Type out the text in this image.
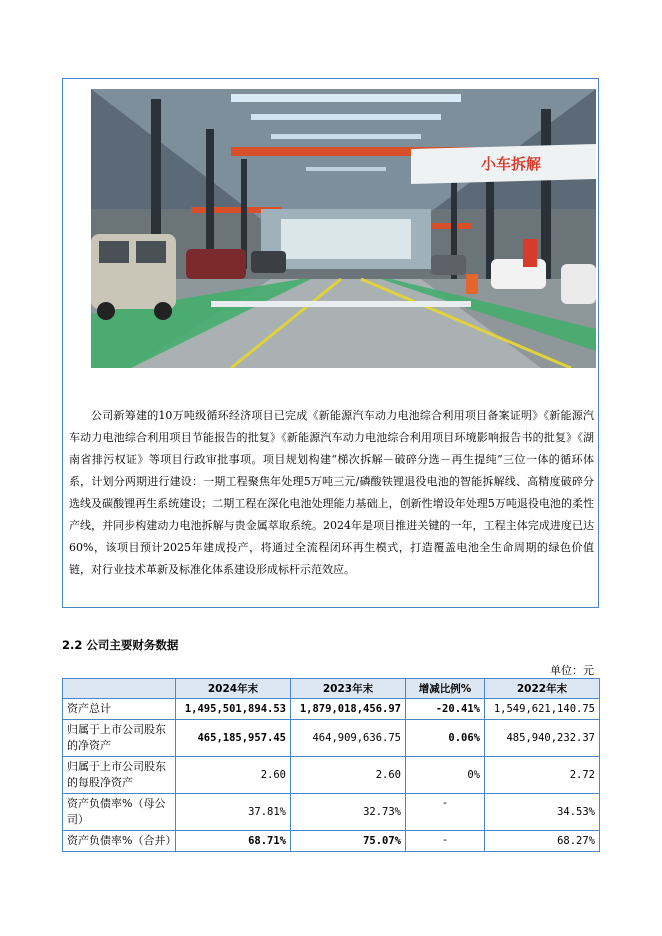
小车拆解

公司新筹建的10万吨级循环经济项目已完成《新能源汽车动力电池综合利用项目备案证明》《新能源汽车动力电池综合利用项目节能报告的批复》《新能源汽车动力电池综合利用项目环境影响报告书的批复》《湖南省排污权证》等项目行政审批事项。项目规划构建“梯次拆解－破碎分选－再生提纯”三位一体的循环体系，计划分两期进行建设：一期工程聚焦年处理5万吨三元/磷酸铁锂退役电池的智能拆解线、高精度破碎分选线及碳酸锂再生系统建设；二期工程在深化电池处理能力基础上，创新性增设年处理5万吨退役电池的柔性产线，并同步构建动力电池拆解与贵金属萃取系统。2024年是项目推进关键的一年，工程主体完成进度已达60%，该项目预计2025年建成投产，将通过全流程闭环再生模式，打造覆盖电池全生命周期的绿色价值链，对行业技术革新及标准化体系建设形成标杆示范效应。

2.2 公司主要财务数据
单位：元
	2024年末	2023年末	增减比例%	2022年末
资产总计	1,495,501,894.53	1,879,018,456.97	-20.41%	1,549,621,140.75
归属于上市公司股东的净资产	465,185,957.45	464,909,636.75	0.06%	485,940,232.37
归属于上市公司股东的每股净资产	2.60	2.60	0%	2.72
资产负债率%（母公司）	37.81%	32.73%	-	34.53%
资产负债率%（合并）	68.71%	75.07%	-	68.27%
